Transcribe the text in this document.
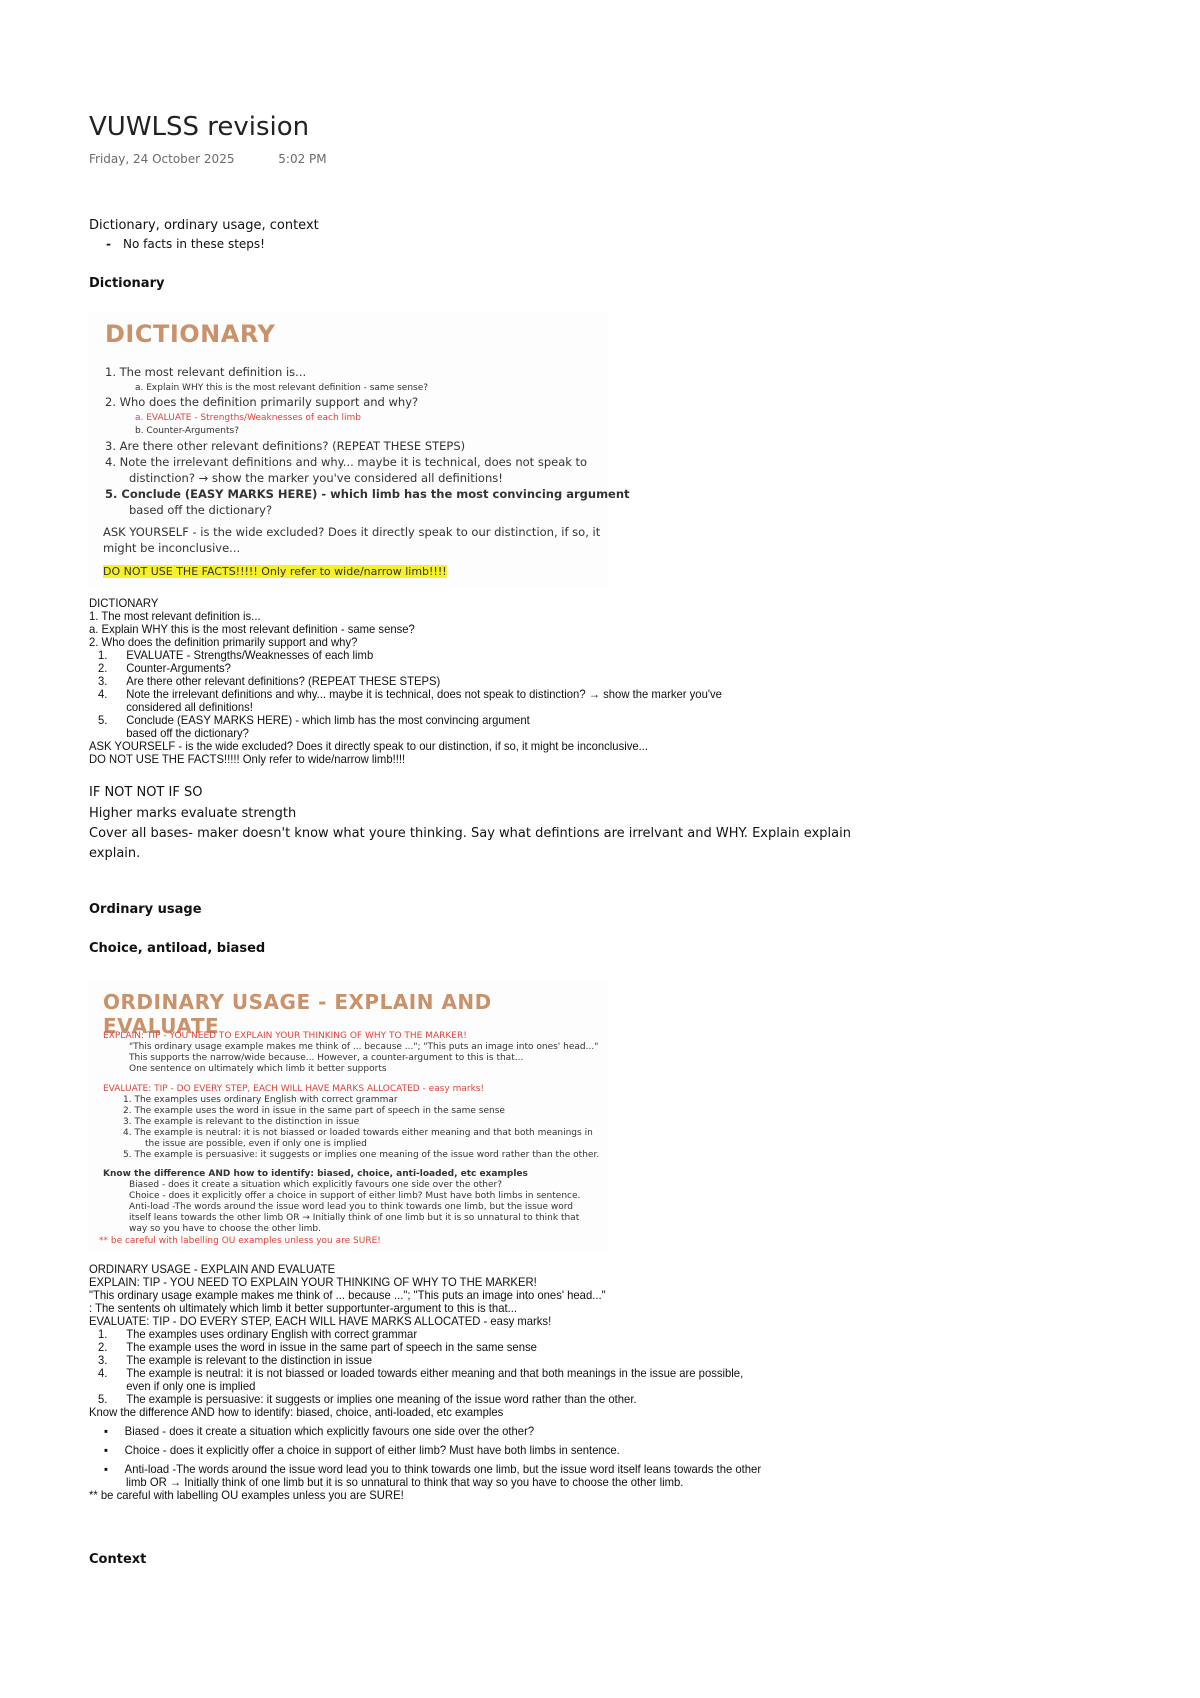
VUWLSS revision
Friday, 24 October 2025	5:02 PM
Dictionary, ordinary usage, context
- No facts in these steps!
Dictionary
DICTIONARY
1. The most relevant definition is...
a. Explain WHY this is the most relevant definition - same sense?
2. Who does the definition primarily support and why?
a. EVALUATE - Strengths/Weaknesses of each limb
b. Counter-Arguments?
3. Are there other relevant definitions? (REPEAT THESE STEPS)
4. Note the irrelevant definitions and why... maybe it is technical, does not speak to
distinction? → show the marker you've considered all definitions!
5. Conclude (EASY MARKS HERE) - which limb has the most convincing argument
based off the dictionary?
ASK YOURSELF - is the wide excluded? Does it directly speak to our distinction, if so, it
might be inconclusive...
DO NOT USE THE FACTS!!!!! Only refer to wide/narrow limb!!!!
DICTIONARY
1. The most relevant definition is...
a. Explain WHY this is the most relevant definition - same sense?
2. Who does the definition primarily support and why?
1. EVALUATE - Strengths/Weaknesses of each limb
2. Counter-Arguments?
3. Are there other relevant definitions? (REPEAT THESE STEPS)
4. Note the irrelevant definitions and why... maybe it is technical, does not speak to distinction? → show the marker you've
considered all definitions!
5. Conclude (EASY MARKS HERE) - which limb has the most convincing argument
based off the dictionary?
ASK YOURSELF - is the wide excluded? Does it directly speak to our distinction, if so, it might be inconclusive...
DO NOT USE THE FACTS!!!!! Only refer to wide/narrow limb!!!!
IF NOT NOT IF SO
Higher marks evaluate strength
Cover all bases- maker doesn't know what youre thinking. Say what defintions are irrelvant and WHY. Explain explain
explain.
Ordinary usage
Choice, antiload, biased
ORDINARY USAGE - EXPLAIN AND EVALUATE
EXPLAIN: TIP - YOU NEED TO EXPLAIN YOUR THINKING OF WHY TO THE MARKER!
"This ordinary usage example makes me think of ... because ..."; "This puts an image into ones' head..."
This supports the narrow/wide because... However, a counter-argument to this is that...
One sentence on ultimately which limb it better supports
EVALUATE: TIP - DO EVERY STEP, EACH WILL HAVE MARKS ALLOCATED - easy marks!
1. The examples uses ordinary English with correct grammar
2. The example uses the word in issue in the same part of speech in the same sense
3. The example is relevant to the distinction in issue
4. The example is neutral: it is not biassed or loaded towards either meaning and that both meanings in
the issue are possible, even if only one is implied
5. The example is persuasive: it suggests or implies one meaning of the issue word rather than the other.
Know the difference AND how to identify: biased, choice, anti-loaded, etc examples
Biased - does it create a situation which explicitly favours one side over the other?
Choice - does it explicitly offer a choice in support of either limb? Must have both limbs in sentence.
Anti-load -The words around the issue word lead you to think towards one limb, but the issue word
itself leans towards the other limb OR → Initially think of one limb but it is so unnatural to think that
way so you have to choose the other limb.
** be careful with labelling OU examples unless you are SURE!
ORDINARY USAGE - EXPLAIN AND EVALUATE
EXPLAIN: TIP - YOU NEED TO EXPLAIN YOUR THINKING OF WHY TO THE MARKER!
"This ordinary usage example makes me think of ... because ..."; "This puts an image into ones' head..."
: The sentents oh ultimately which limb it better supportunter-argument to this is that...
EVALUATE: TIP - DO EVERY STEP, EACH WILL HAVE MARKS ALLOCATED - easy marks!
1. The examples uses ordinary English with correct grammar
2. The example uses the word in issue in the same part of speech in the same sense
3. The example is relevant to the distinction in issue
4. The example is neutral: it is not biassed or loaded towards either meaning and that both meanings in the issue are possible,
even if only one is implied
5. The example is persuasive: it suggests or implies one meaning of the issue word rather than the other.
Know the difference AND how to identify: biased, choice, anti-loaded, etc examples
▪ Biased - does it create a situation which explicitly favours one side over the other?
▪ Choice - does it explicitly offer a choice in support of either limb? Must have both limbs in sentence.
▪ Anti-load -The words around the issue word lead you to think towards one limb, but the issue word itself leans towards the other
limb OR → Initially think of one limb but it is so unnatural to think that way so you have to choose the other limb.
** be careful with labelling OU examples unless you are SURE!
Context
